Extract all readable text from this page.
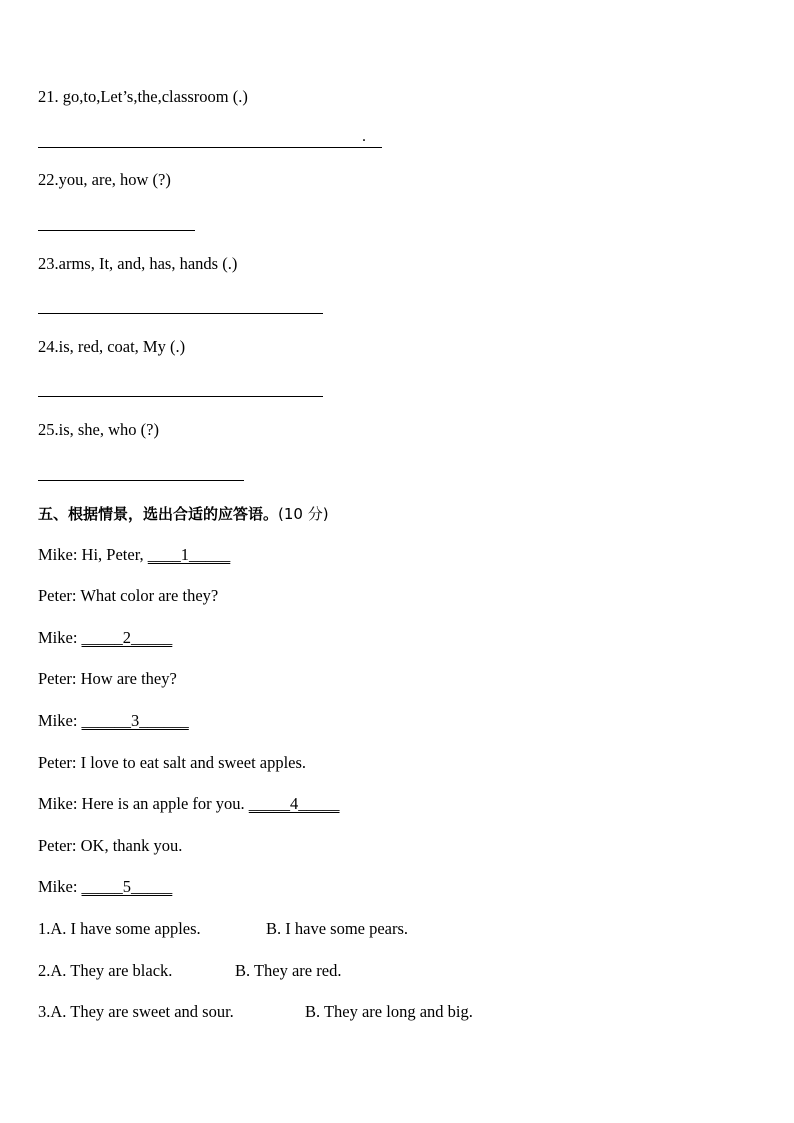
21. go,to,Let’s,the,classroom (.)
.
22.you, are, how (?)
23.arms, It, and, has, hands (.)
24.is, red, coat, My (.)
25.is, she, who (?)
五、根据情景，选出合适的应答语。(10 分)
Mike: Hi, Peter, ____1_____
Peter: What color are they?
Mike: _____2_____
Peter: How are they?
Mike: ______3______
Peter: I love to eat salt and sweet apples.
Mike: Here is an apple for you. _____4_____
Peter: OK, thank you.
Mike: _____5_____
1.A. I have some apples.	B. I have some pears.
2.A. They are black.	B. They are red.
3.A. They are sweet and sour.	B. They are long and big.
